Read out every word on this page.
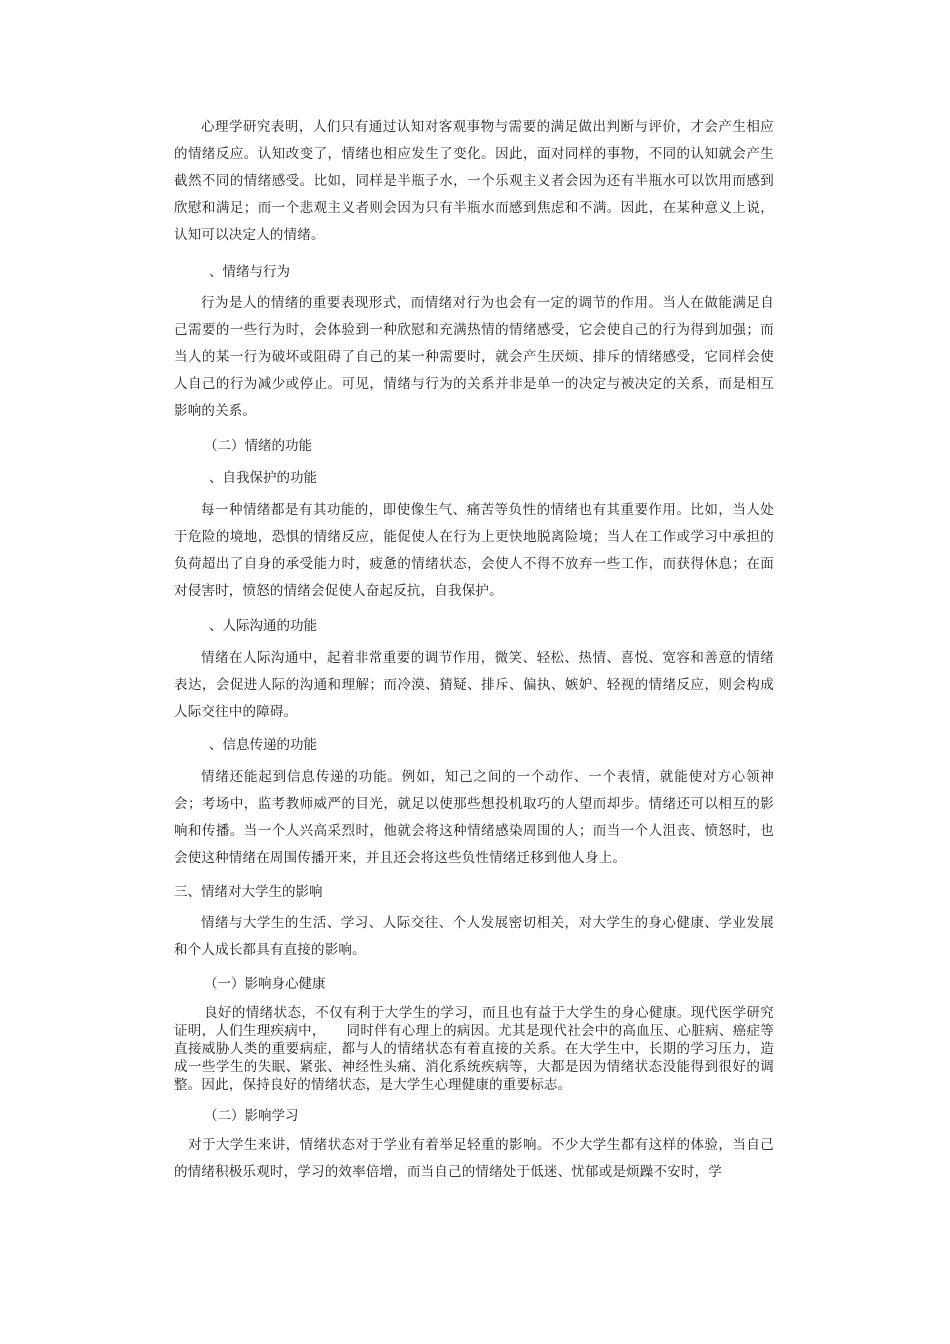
心理学研究表明，人们只有通过认知对客观事物与需要的满足做出判断与评价，才会产生相应的情绪反应。认知改变了，情绪也相应发生了变化。因此，面对同样的事物，不同的认知就会产生截然不同的情绪感受。比如，同样是半瓶子水，一个乐观主义者会因为还有半瓶水可以饮用而感到欣慰和满足；而一个悲观主义者则会因为只有半瓶水而感到焦虑和不满。因此，在某种意义上说，认知可以决定人的情绪。

、情绪与行为

行为是人的情绪的重要表现形式，而情绪对行为也会有一定的调节的作用。当人在做能满足自己需要的一些行为时，会体验到一种欣慰和充满热情的情绪感受，它会使自己的行为得到加强；而当人的某一行为破坏或阻碍了自己的某一种需要时，就会产生厌烦、排斥的情绪感受，它同样会使人自己的行为减少或停止。可见，情绪与行为的关系并非是单一的决定与被决定的关系，而是相互影响的关系。

（二）情绪的功能

、自我保护的功能

每一种情绪都是有其功能的，即使像生气、痛苦等负性的情绪也有其重要作用。比如，当人处于危险的境地，恐惧的情绪反应，能促使人在行为上更快地脱离险境；当人在工作或学习中承担的负荷超出了自身的承受能力时，疲惫的情绪状态，会使人不得不放弃一些工作，而获得休息；在面对侵害时，愤怒的情绪会促使人奋起反抗，自我保护。

、人际沟通的功能

情绪在人际沟通中，起着非常重要的调节作用，微笑、轻松、热情、喜悦、宽容和善意的情绪表达，会促进人际的沟通和理解；而冷漠、猜疑、排斥、偏执、嫉妒、轻视的情绪反应，则会构成人际交往中的障碍。

、信息传递的功能

情绪还能起到信息传递的功能。例如，知己之间的一个动作、一个表情，就能使对方心领神会；考场中，监考教师威严的目光，就足以使那些想投机取巧的人望而却步。情绪还可以相互的影响和传播。当一个人兴高采烈时，他就会将这种情绪感染周围的人；而当一个人沮丧、愤怒时，也会使这种情绪在周围传播开来，并且还会将这些负性情绪迁移到他人身上。

三、情绪对大学生的影响

情绪与大学生的生活、学习、人际交往、个人发展密切相关，对大学生的身心健康、学业发展和个人成长都具有直接的影响。

（一）影响身心健康

良好的情绪状态，不仅有利于大学生的学习，而且也有益于大学生的身心健康。现代医学研究证明，人们生理疾病中，　　同时伴有心理上的病因。尤其是现代社会中的高血压、心脏病、癌症等直接威胁人类的重要病症，都与人的情绪状态有着直接的关系。在大学生中，长期的学习压力，造成一些学生的失眠、紧张、神经性头痛、消化系统疾病等，大都是因为情绪状态没能得到很好的调整。因此，保持良好的情绪状态，是大学生心理健康的重要标志。

（二）影响学习

对于大学生来讲，情绪状态对于学业有着举足轻重的影响。不少大学生都有这样的体验，当自己的情绪积极乐观时，学习的效率倍增，而当自己的情绪处于低迷、忧郁或是烦躁不安时，学
